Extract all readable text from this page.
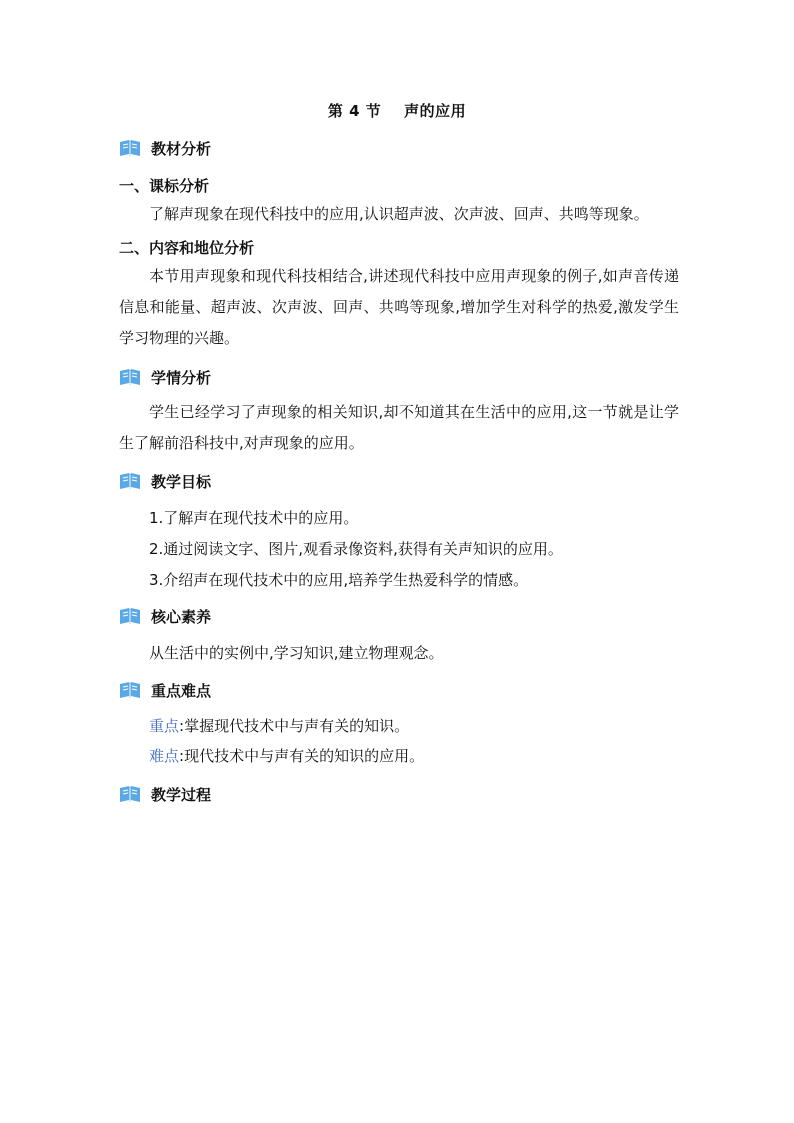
第 4 节    声的应用
教材分析
一、课标分析
了解声现象在现代科技中的应用,认识超声波、次声波、回声、共鸣等现象。
二、内容和地位分析
本节用声现象和现代科技相结合,讲述现代科技中应用声现象的例子,如声音传递信息和能量、超声波、次声波、回声、共鸣等现象,增加学生对科学的热爱,激发学生学习物理的兴趣。
学情分析
学生已经学习了声现象的相关知识,却不知道其在生活中的应用,这一节就是让学生了解前沿科技中,对声现象的应用。
教学目标
1.了解声在现代技术中的应用。
2.通过阅读文字、图片,观看录像资料,获得有关声知识的应用。
3.介绍声在现代技术中的应用,培养学生热爱科学的情感。
核心素养
从生活中的实例中,学习知识,建立物理观念。
重点难点
重点:掌握现代技术中与声有关的知识。
难点:现代技术中与声有关的知识的应用。
教学过程
